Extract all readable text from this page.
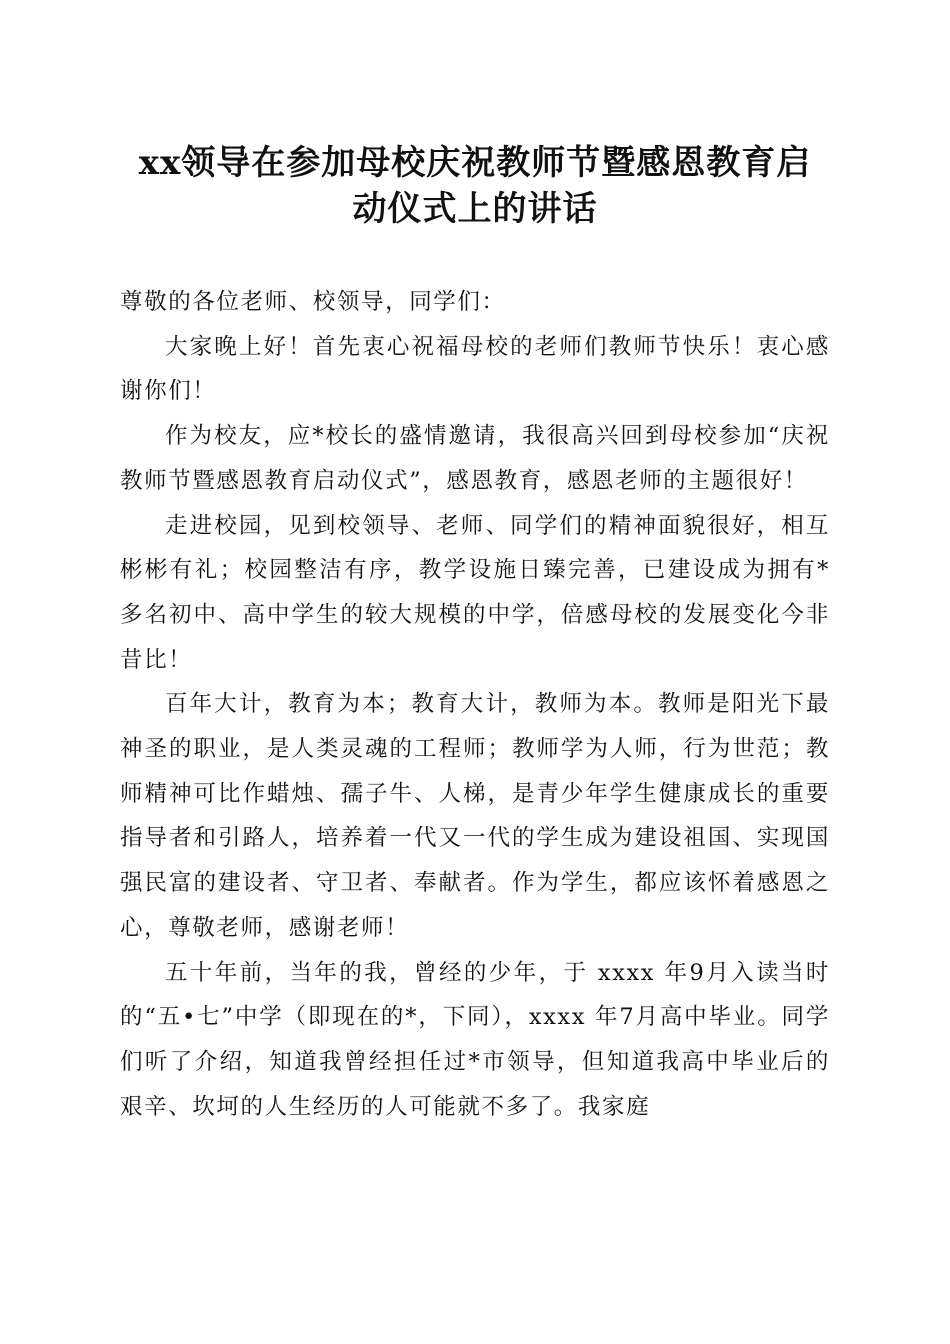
xx领导在参加母校庆祝教师节暨感恩教育启
动仪式上的讲话

尊敬的各位老师、校领导，同学们：

大家晚上好！首先衷心祝福母校的老师们教师节快乐！衷心感谢你们！

作为校友，应*校长的盛情邀请，我很高兴回到母校参加“庆祝教师节暨感恩教育启动仪式”，感恩教育，感恩老师的主题很好！

走进校园，见到校领导、老师、同学们的精神面貌很好，相互彬彬有礼；校园整洁有序，教学设施日臻完善，已建设成为拥有*多名初中、高中学生的较大规模的中学，倍感母校的发展变化今非昔比！

百年大计，教育为本；教育大计，教师为本。教师是阳光下最神圣的职业，是人类灵魂的工程师；教师学为人师，行为世范；教师精神可比作蜡烛、孺子牛、人梯，是青少年学生健康成长的重要指导者和引路人，培养着一代又一代的学生成为建设祖国、实现国强民富的建设者、守卫者、奉献者。作为学生，都应该怀着感恩之心，尊敬老师，感谢老师！

五十年前，当年的我，曾经的少年，于 xxxx 年9月入读当时的“五•七”中学（即现在的*，下同），xxxx 年7月高中毕业。同学们听了介绍，知道我曾经担任过*市领导，但知道我高中毕业后的艰辛、坎坷的人生经历的人可能就不多了。我家庭
